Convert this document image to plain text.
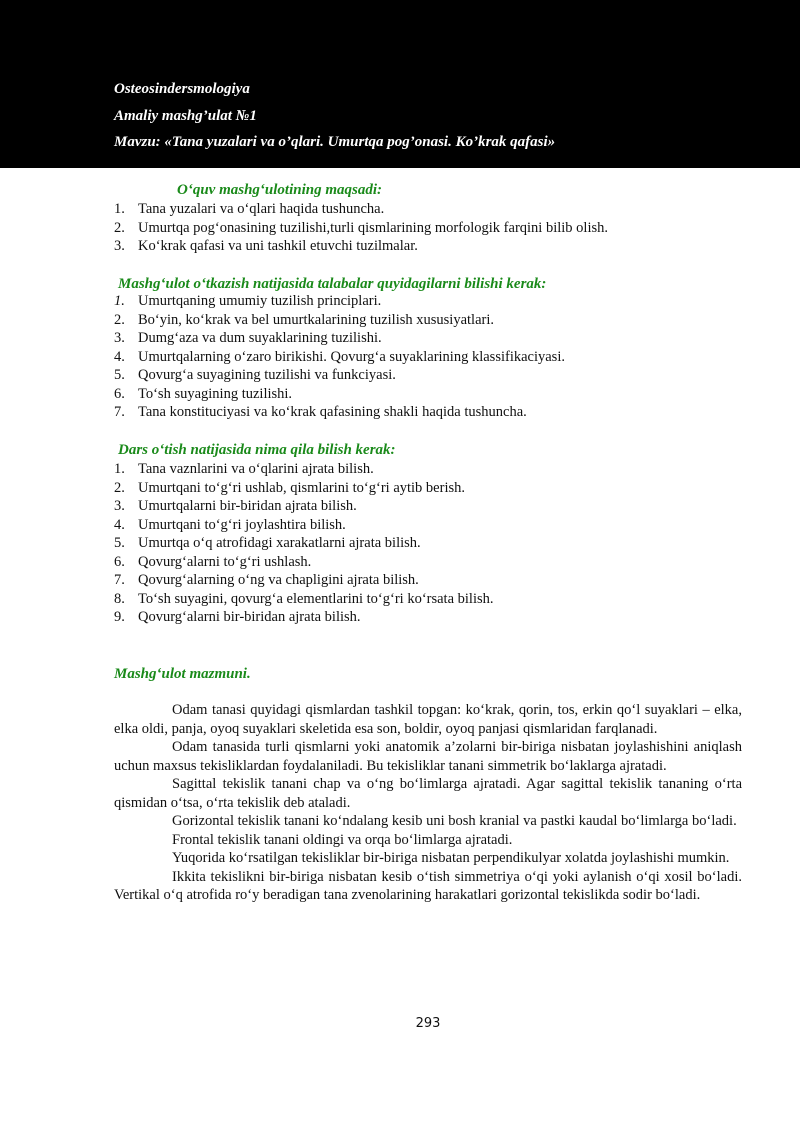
Osteosindersmologiya
Amaliy mashg’ulat №1
Mavzu: «Tana yuzalari va o’qlari. Umurtqa pog’onasi. Ko’krak qafasi»
O‘quv mashg‘ulotining maqsadi:
1. Tana yuzalari va o‘qlari haqida tushuncha.
2. Umurtqa pog‘onasining tuzilishi,turli qismlarining morfologik farqini bilib olish.
3. Ko‘krak qafasi va uni tashkil etuvchi tuzilmalar.
Mashg‘ulot o‘tkazish natijasida talabalar quyidagilarni bilishi kerak:
1. Umurtqaning umumiy tuzilish principlari.
2. Bo‘yin, ko‘krak va bel umurtkalarining tuzilish xususiyatlari.
3. Dumg‘aza va dum suyaklarining tuzilishi.
4. Umurtqalarning o‘zaro birikishi. Qovurg‘a suyaklarining klassifikaciyasi.
5. Qovurg‘a suyagining tuzilishi va funkciyasi.
6. To‘sh suyagining tuzilishi.
7. Tana konstituciyasi va ko‘krak qafasining shakli haqida tushuncha.
Dars o‘tish natijasida nima qila bilish kerak:
1. Tana vaznlarini va o‘qlarini ajrata bilish.
2. Umurtqani to‘g‘ri ushlab, qismlarini to‘g‘ri aytib berish.
3. Umurtqalarni bir-biridan ajrata bilish.
4. Umurtqani to‘g‘ri joylashtira bilish.
5. Umurtqa o‘q atrofidagi xarakatlarni ajrata bilish.
6. Qovurg‘alarni to‘g‘ri ushlash.
7. Qovurg‘alarning o‘ng va chapligini ajrata bilish.
8. To‘sh suyagini, qovurg‘a elementlarini to‘g‘ri ko‘rsata bilish.
9. Qovurg‘alarni bir-biridan ajrata bilish.
Mashg‘ulot mazmuni.

Odam tanasi quyidagi qismlardan tashkil topgan: ko‘krak, qorin, tos, erkin qo‘l suyaklari – elka, elka oldi, panja, oyoq suyaklari skeletida esa son, boldir, oyoq panjasi qismlaridan farqlanadi.

Odam tanasida turli qismlarni yoki anatomik a’zolarni bir-biriga nisbatan joylashishini aniqlash uchun maxsus tekisliklardan foydalaniladi. Bu tekisliklar tanani simmetrik bo‘laklarga ajratadi.

Sagittal tekislik tanani chap va o‘ng bo‘limlarga ajratadi. Agar sagittal tekislik tananing o‘rta qismidan o‘tsa, o‘rta tekislik deb ataladi.

Gorizontal tekislik tanani ko‘ndalang kesib uni bosh kranial va pastki kaudal bo‘limlarga bo‘ladi.

Frontal tekislik tanani oldingi va orqa bo‘limlarga ajratadi.

Yuqorida ko‘rsatilgan tekisliklar bir-biriga nisbatan perpendikulyar xolatda joylashishi mumkin.

Ikkita tekislikni bir-biriga nisbatan kesib o‘tish simmetriya o‘qi yoki aylanish o‘qi xosil bo‘ladi. Vertikal o‘q atrofida ro‘y beradigan tana zvenolarining harakatlari gorizontal tekislikda sodir bo‘ladi.

293
